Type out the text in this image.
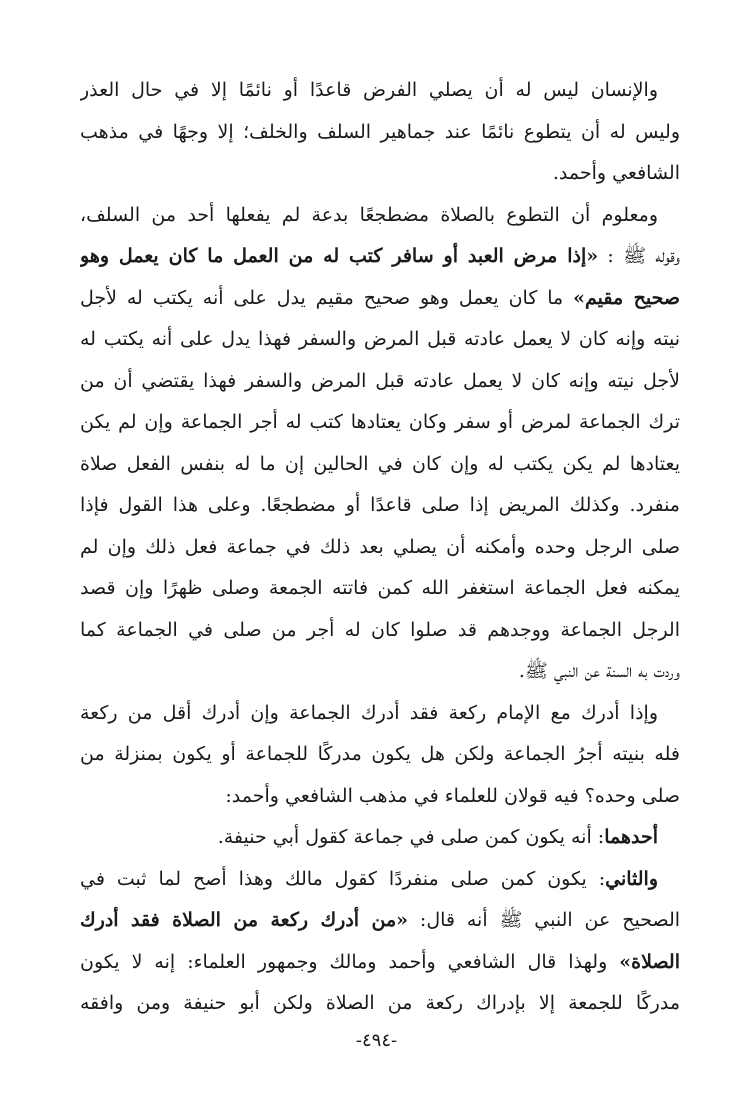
والإنسان ليس له أن يصلي الفرض قاعدًا أو نائمًا إلا في حال العذر
وليس له أن يتطوع نائمًا عند جماهير السلف والخلف؛ إلا وجهًا في مذهب
الشافعي وأحمد.
ومعلوم أن التطوع بالصلاة مضطجعًا بدعة لم يفعلها أحد من السلف،
وقوله ﷺ : «إذا مرض العبد أو سافر كتب له من العمل ما كان يعمل وهو
صحيح مقيم» ما كان يعمل وهو صحيح مقيم يدل على أنه يكتب له لأجل
نيته وإنه كان لا يعمل عادته قبل المرض والسفر فهذا يدل على أنه يكتب له
لأجل نيته وإنه كان لا يعمل عادته قبل المرض والسفر فهذا يقتضي أن من
ترك الجماعة لمرض أو سفر وكان يعتادها كتب له أجر الجماعة وإن لم يكن
يعتادها لم يكن يكتب له وإن كان في الحالين إن ما له بنفس الفعل صلاة
منفرد. وكذلك المريض إذا صلى قاعدًا أو مضطجعًا. وعلى هذا القول فإذا
صلى الرجل وحده وأمكنه أن يصلي بعد ذلك في جماعة فعل ذلك وإن لم
يمكنه فعل الجماعة استغفر الله كمن فاتته الجمعة وصلى ظهرًا وإن قصد
الرجل الجماعة ووجدهم قد صلوا كان له أجر من صلى في الجماعة كما
وردت به السنة عن النبي ﷺ.
وإذا أدرك مع الإمام ركعة فقد أدرك الجماعة وإن أدرك أقل من ركعة
فله بنيته أجرُ الجماعة ولكن هل يكون مدركًا للجماعة أو يكون بمنزلة من
صلى وحده؟ فيه قولان للعلماء في مذهب الشافعي وأحمد:
أحدهما: أنه يكون كمن صلى في جماعة كقول أبي حنيفة.
والثاني: يكون كمن صلى منفردًا كقول مالك وهذا أصح لما ثبت في
الصحيح عن النبي ﷺ أنه قال: «من أدرك ركعة من الصلاة فقد أدرك
الصلاة» ولهذا قال الشافعي وأحمد ومالك وجمهور العلماء: إنه لا يكون
مدركًا للجمعة إلا بإدراك ركعة من الصلاة ولكن أبو حنيفة ومن وافقه
-٤٩٤-
